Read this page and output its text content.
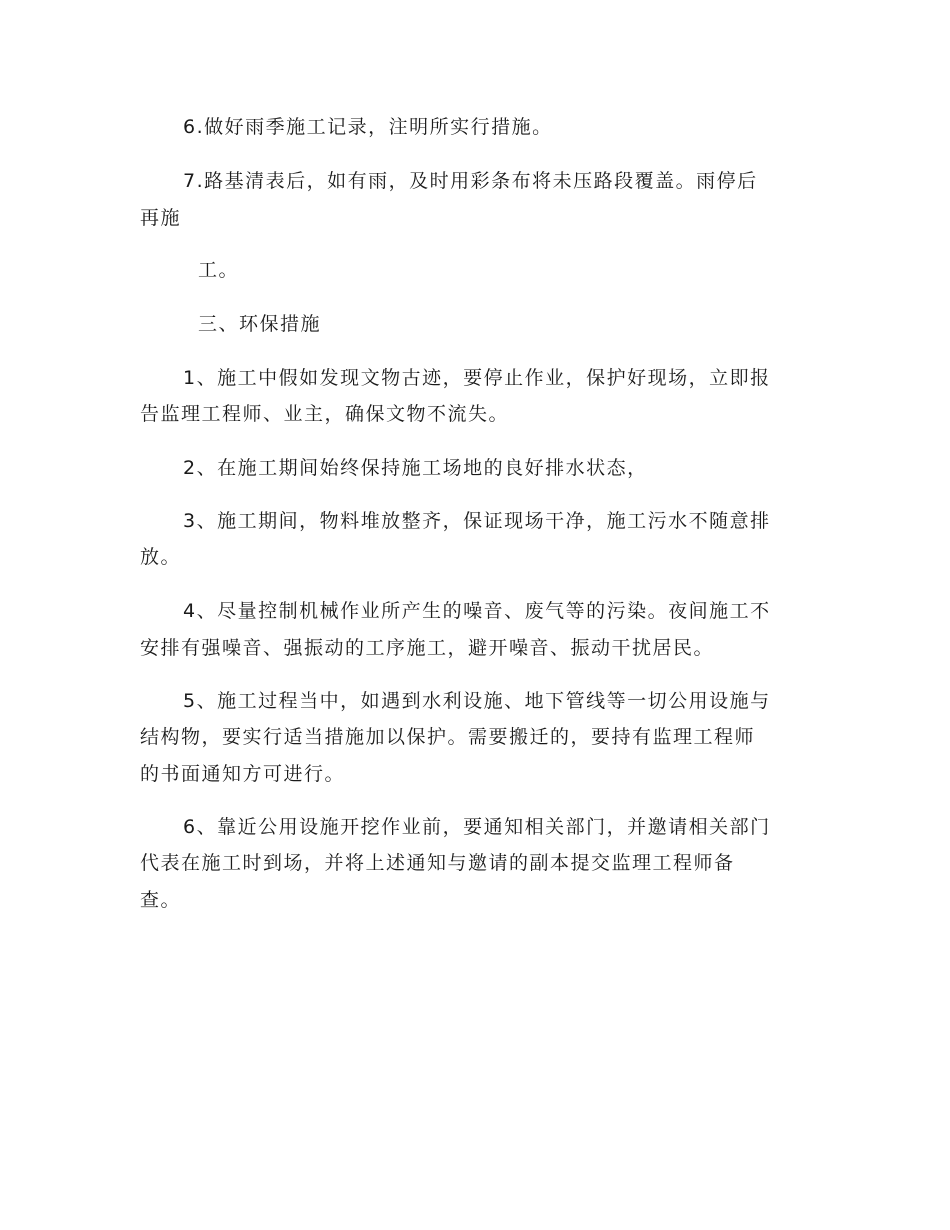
6.做好雨季施工记录，注明所实行措施。
7.路基清表后，如有雨，及时用彩条布将未压路段覆盖。雨停后
再施
工。
三、环保措施
1、施工中假如发现文物古迹，要停止作业，保护好现场，立即报
告监理工程师、业主，确保文物不流失。
2、在施工期间始终保持施工场地的良好排水状态，
3、施工期间，物料堆放整齐，保证现场干净，施工污水不随意排
放。
4、尽量控制机械作业所产生的噪音、废气等的污染。夜间施工不
安排有强噪音、强振动的工序施工，避开噪音、振动干扰居民。
5、施工过程当中，如遇到水利设施、地下管线等一切公用设施与
结构物，要实行适当措施加以保护。需要搬迁的，要持有监理工程师
的书面通知方可进行。
6、靠近公用设施开挖作业前，要通知相关部门，并邀请相关部门
代表在施工时到场，并将上述通知与邀请的副本提交监理工程师备
查。
